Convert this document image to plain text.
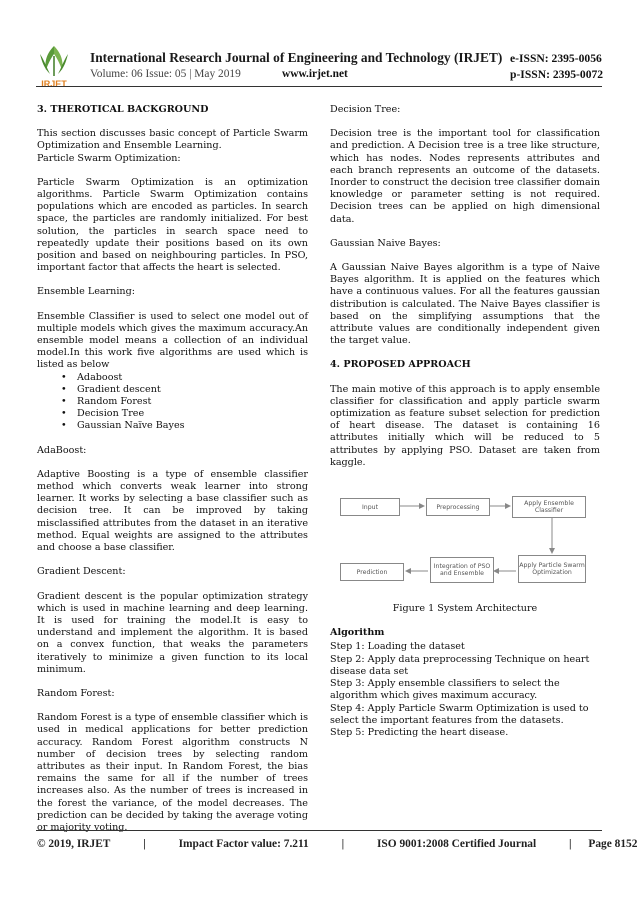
IRJET
International Research Journal of Engineering and Technology (IRJET) e-ISSN: 2395-0056
Volume: 06 Issue: 05 | May 2019	www.irjet.net	p-ISSN: 2395-0072

3. THEROTICAL BACKGROUND

This section discusses basic concept of Particle Swarm Optimization and Ensemble Learning.

Particle Swarm Optimization:

Particle Swarm Optimization is an optimization algorithms. Particle Swarm Optimization contains populations which are encoded as particles. In search space, the particles are randomly initialized. For best solution, the particles in search space need to repeatedly update their positions based on its own position and based on neighbouring particles. In PSO, important factor that affects the heart is selected.

Ensemble Learning:

Ensemble Classifier is used to select one model out of multiple models which gives the maximum accuracy.An ensemble model means a collection of an individual model.In this work five algorithms are used which is listed as below

• Adaboost
• Gradient descent
• Random Forest
• Decision Tree
• Gaussian Naïve Bayes

AdaBoost:

Adaptive Boosting is a type of ensemble classifier method which converts weak learner into strong learner. It works by selecting a base classifier such as decision tree. It can be improved by taking misclassified attributes from the dataset in an iterative method. Equal weights are assigned to the attributes and choose a base classifier.

Gradient Descent:

Gradient descent is the popular optimization strategy which is used in machine learning and deep learning. It is used for training the model.It is easy to understand and implement the algorithm. It is based on a convex function, that weaks the parameters iteratively to minimize a given function to its local minimum.

Random Forest:

Random Forest is a type of ensemble classifier which is used in medical applications for better prediction accuracy. Random Forest algorithm constructs N number of decision trees by selecting random attributes as their input. In Random Forest, the bias remains the same for all if the number of trees increases also. As the number of trees is increased in the forest the variance, of the model decreases. The prediction can be decided by taking the average voting or majority voting.

Decision Tree:

Decision tree is the important tool for classification and prediction. A Decision tree is a tree like structure, which has nodes. Nodes represents attributes and each branch represents an outcome of the datasets. Inorder to construct the decision tree classifier domain knowledge or parameter setting is not required. Decision trees can be applied on high dimensional data.

Gaussian Naive Bayes:

A Gaussian Naive Bayes algorithm is a type of Naive Bayes algorithm. It is applied on the features which have a continuous values. For all the features gaussian distribution is calculated. The Naive Bayes classifier is based on the simplifying assumptions that the attribute values are conditionally independent given the target value.

4. PROPOSED APPROACH

The main motive of this approach is to apply ensemble classifier for classification and apply particle swarm optimization as feature subset selection for prediction of heart disease. The dataset is containing 16 attributes initially which will be reduced to 5 attributes by applying PSO. Dataset are taken from kaggle.

Input	Preprocessing	Apply Ensemble Classifier
Prediction
Integration of PSO and Ensemble
Apply Particle Swarm Optimization

Figure 1 System Architecture

Algorithm
Step 1: Loading the dataset
Step 2: Apply data preprocessing Technique on heart disease data set
Step 3: Apply ensemble classifiers to select the algorithm which gives maximum accuracy.
Step 4: Apply Particle Swarm Optimization is used to select the important features from the datasets.
Step 5: Predicting the heart disease.
© 2019, IRJET	|	Impact Factor value: 7.211	|	ISO 9001:2008 Certified Journal	| Page 8152
